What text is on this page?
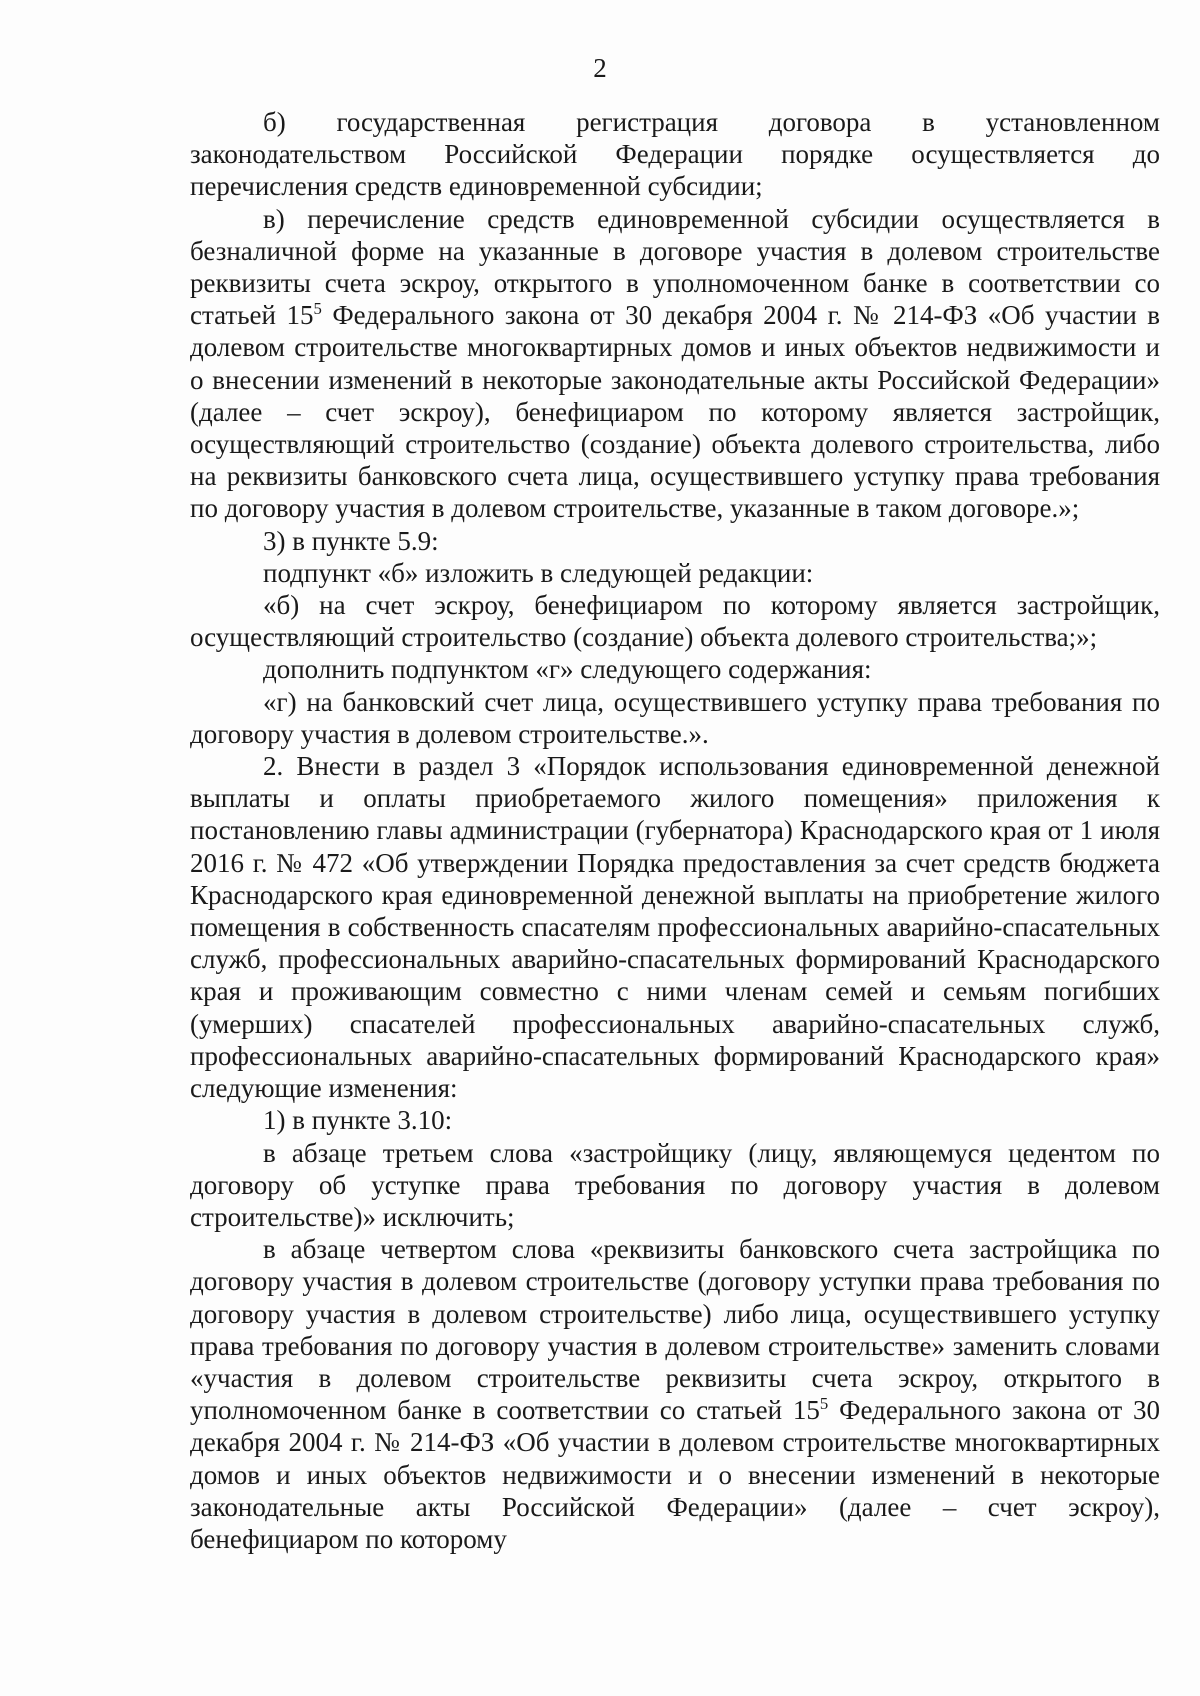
2

б) государственная регистрация договора в установленном законодательством Российской Федерации порядке осуществляется до перечисления средств единовременной субсидии;

в) перечисление средств единовременной субсидии осуществляется в безналичной форме на указанные в договоре участия в долевом строительстве реквизиты счета эскроу, открытого в уполномоченном банке в соответствии со статьей $15^5$ Федерального закона от 30 декабря 2004 г. № 214-ФЗ «Об участии в долевом строительстве многоквартирных домов и иных объектов недвижимости и о внесении изменений в некоторые законодательные акты Российской Федерации» (далее – счет эскроу), бенефициаром по которому является застройщик, осуществляющий строительство (создание) объекта долевого строительства, либо на реквизиты банковского счета лица, осуществившего уступку права требования по договору участия в долевом строительстве, указанные в таком договоре.»;

3) в пункте 5.9:

подпункт «б» изложить в следующей редакции:

«б) на счет эскроу, бенефициаром по которому является застройщик, осуществляющий строительство (создание) объекта долевого строительства;»;

дополнить подпунктом «г» следующего содержания:

«г) на банковский счет лица, осуществившего уступку права требования по договору участия в долевом строительстве.».

2. Внести в раздел 3 «Порядок использования единовременной денежной выплаты и оплаты приобретаемого жилого помещения» приложения к постановлению главы администрации (губернатора) Краснодарского края от 1 июля 2016 г. № 472 «Об утверждении Порядка предоставления за счет средств бюджета Краснодарского края единовременной денежной выплаты на приобретение жилого помещения в собственность спасателям профессиональных аварийно-спасательных служб, профессиональных аварийно-спасательных формирований Краснодарского края и проживающим совместно с ними членам семей и семьям погибших (умерших) спасателей профессиональных аварийно-спасательных служб, профессиональных аварийно-спасательных формирований Краснодарского края» следующие изменения:

1) в пункте 3.10:

в абзаце третьем слова «застройщику (лицу, являющемуся цедентом по договору об уступке права требования по договору участия в долевом строительстве)» исключить;

в абзаце четвертом слова «реквизиты банковского счета застройщика по договору участия в долевом строительстве (договору уступки права требования по договору участия в долевом строительстве) либо лица, осуществившего уступку права требования по договору участия в долевом строительстве» заменить словами «участия в долевом строительстве реквизиты счета эскроу, открытого в уполномоченном банке в соответствии со статьей $15^5$ Федерального закона от 30 декабря 2004 г. № 214-ФЗ «Об участии в долевом строительстве многоквартирных домов и иных объектов недвижимости и о внесении изменений в некоторые законодательные акты Российской Федерации» (далее – счет эскроу), бенефициаром по которому
